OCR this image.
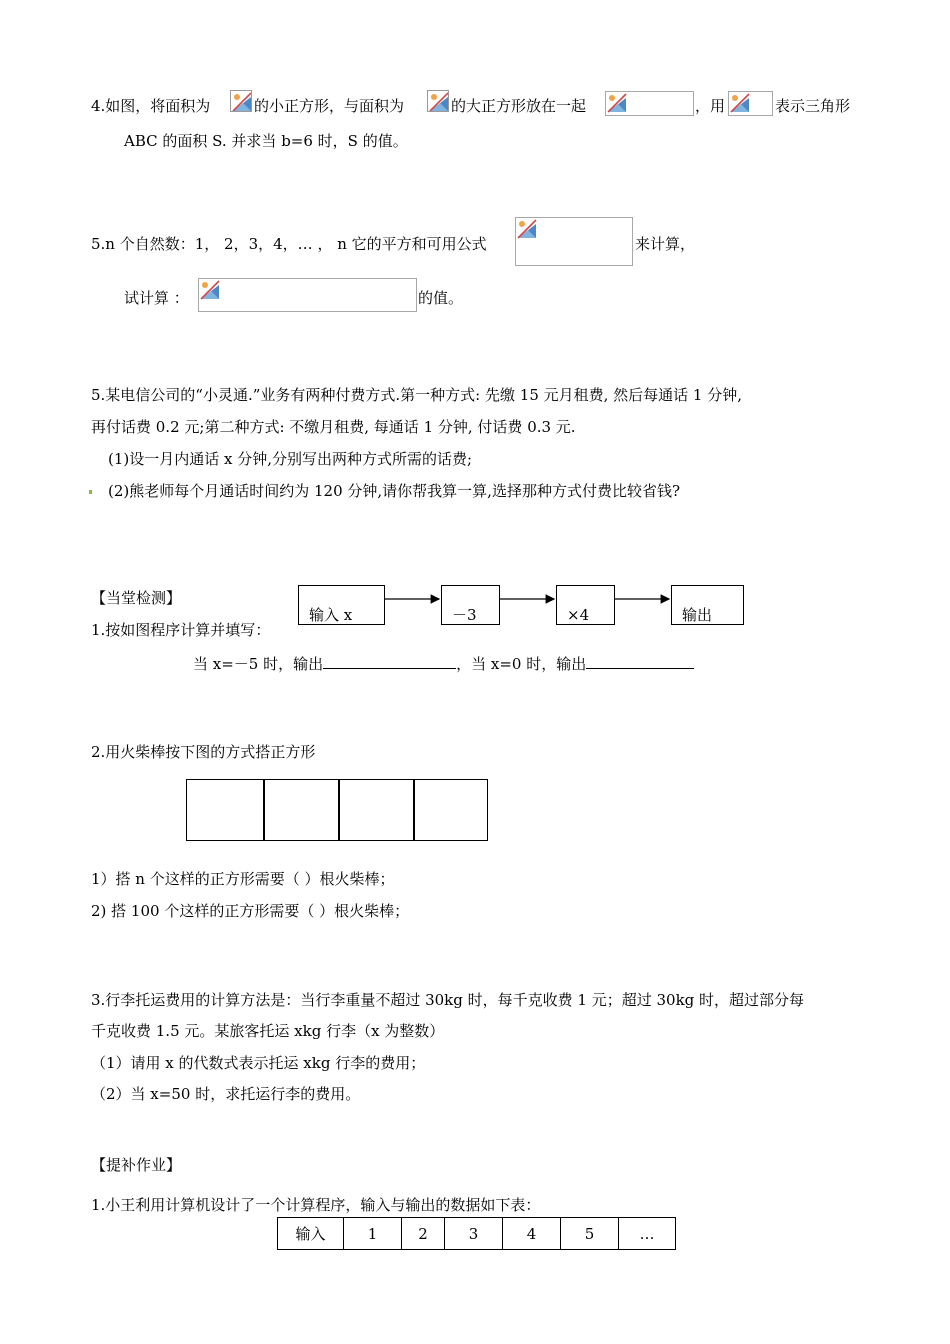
4.如图，将面积为	的小正方形，与面积为	的大正方形放在一起	，用	表示三角形
ABC 的面积 S. 并求当 b=6 时，S 的值。
5.n 个自然数：1， 2，3，4，… ， n 它的平方和可用公式	来计算，
试计算 ：	的值。
5.某电信公司的“小灵通.”业务有两种付费方式.第一种方式: 先缴 15 元月租费, 然后每通话 1 分钟,
再付话费 0.2 元;第二种方式: 不缴月租费, 每通话 1 分钟, 付话费 0.3 元.
(1)设一月内通话 x 分钟,分别写出两种方式所需的话费;
(2)熊老师每个月通话时间约为 120 分钟,请你帮我算一算,选择那种方式付费比较省钱?
【当堂检测】
1.按如图程序计算并填写：
输入 x	－3	×4	输出
当 x=－5 时，输出	，当 x=0 时，输出
2.用火柴棒按下图的方式搭正方形
1）搭 n 个这样的正方形需要（ ）根火柴棒；
2) 搭 100 个这样的正方形需要（ ）根火柴棒；
3.行李托运费用的计算方法是：当行李重量不超过 30kg 时，每千克收费 1 元；超过 30kg 时，超过部分每
千克收费 1.5 元。某旅客托运 xkg 行李（x 为整数）
（1）请用 x 的代数式表示托运 xkg 行李的费用；
（2）当 x=50 时，求托运行李的费用。
【提补作业】
1.小王利用计算机设计了一个计算程序，输入与输出的数据如下表：
输入	1	2	3	4	5	…
